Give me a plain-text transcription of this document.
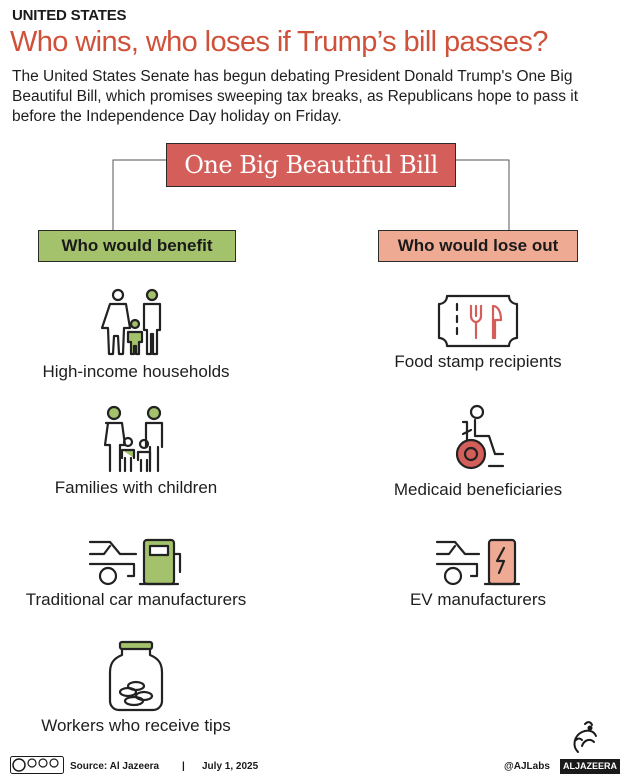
UNITED STATES
Who wins, who loses if Trump’s bill passes?
The United States Senate has begun debating President Donald Trump's One Big Beautiful Bill, which promises sweeping tax breaks, as Republicans hope to pass it before the Independence Day holiday on Friday.
One Big Beautiful Bill
Who would benefit	Who would lose out
High-income households
Families with children
Traditional car manufacturers
Workers who receive tips
Food stamp recipients
Medicaid beneficiaries
EV manufacturers
Source: Al Jazeera | July 1, 2025	@AJLabs	ALJAZEERA
